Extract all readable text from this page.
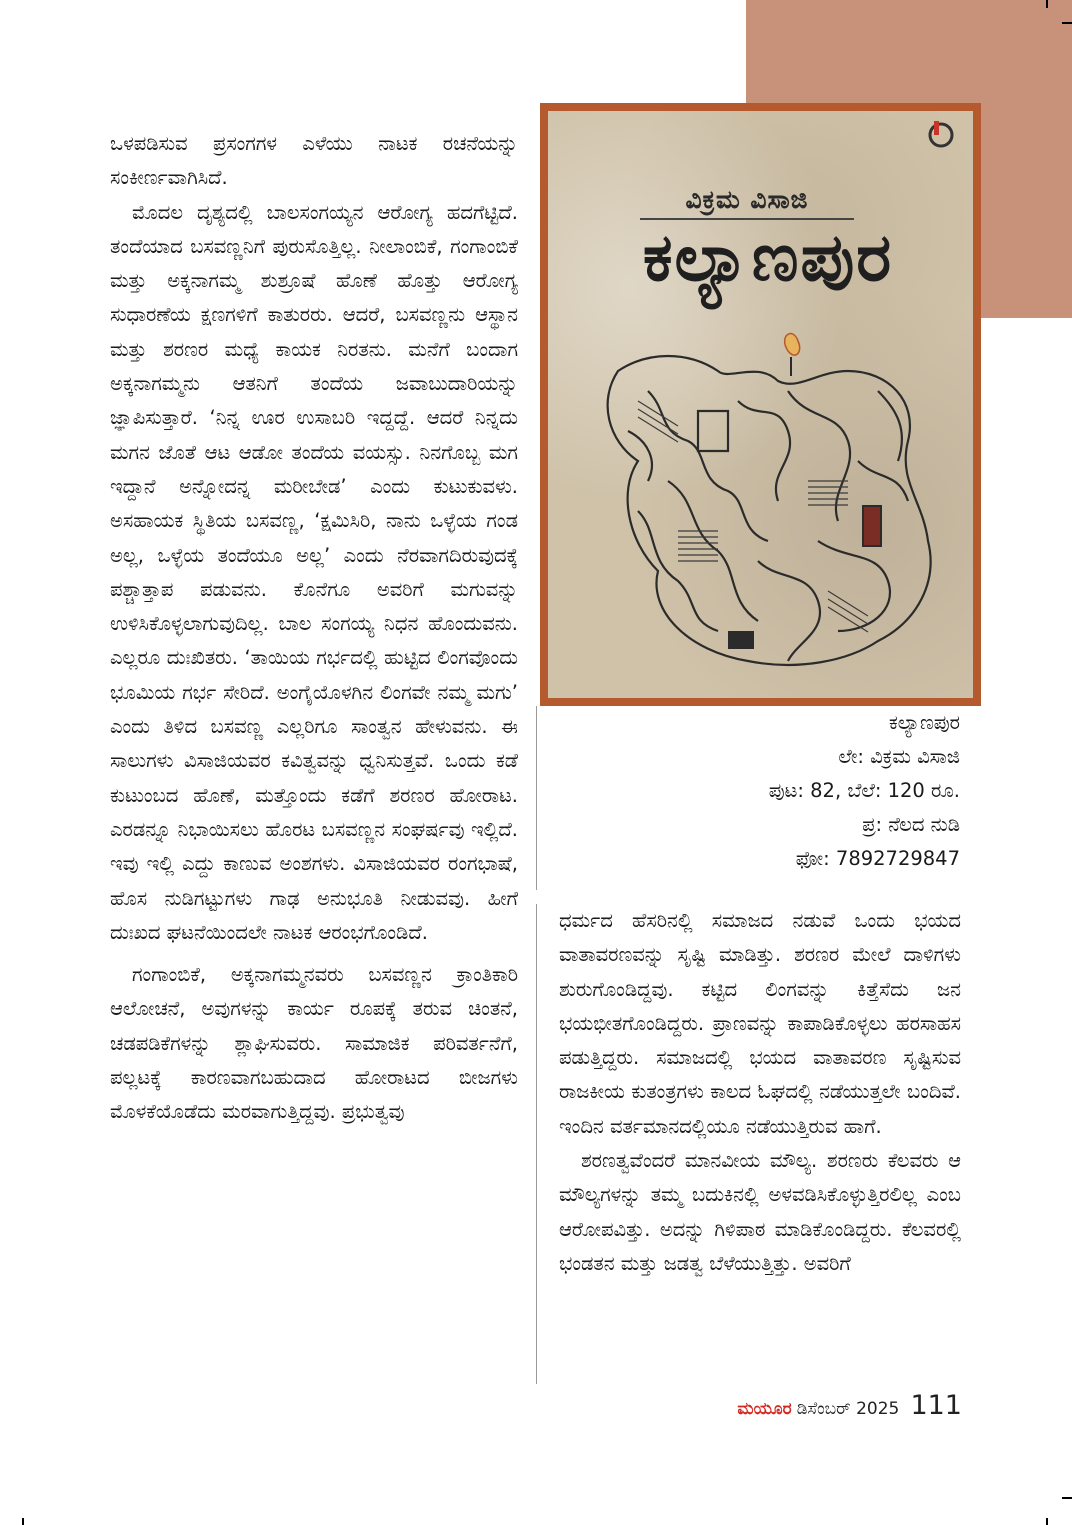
ಒಳಪಡಿಸುವ ಪ್ರಸಂಗಗಳ ಎಳೆಯು ನಾಟಕ ರಚನೆಯನ್ನು ಸಂಕೀರ್ಣವಾಗಿಸಿದೆ.

ಮೊದಲ ದೃಶ್ಯದಲ್ಲಿ ಬಾಲಸಂಗಯ್ಯನ ಆರೋಗ್ಯ ಹದಗೆಟ್ಟಿದೆ. ತಂದೆಯಾದ ಬಸವಣ್ಣನಿಗೆ ಪುರುಸೊತ್ತಿಲ್ಲ. ನೀಲಾಂಬಿಕೆ, ಗಂಗಾಂಬಿಕೆ ಮತ್ತು ಅಕ್ಕನಾಗಮ್ಮ ಶುಶ್ರೂಷೆ ಹೊಣೆ ಹೊತ್ತು ಆರೋಗ್ಯ ಸುಧಾರಣೆಯ ಕ್ಷಣಗಳಿಗೆ ಕಾತುರರು. ಆದರೆ, ಬಸವಣ್ಣನು ಆಸ್ಥಾನ ಮತ್ತು ಶರಣರ ಮಧ್ಯೆ ಕಾಯಕ ನಿರತನು. ಮನೆಗೆ ಬಂದಾಗ ಅಕ್ಕನಾಗಮ್ಮನು ಆತನಿಗೆ ತಂದೆಯ ಜವಾಬುದಾರಿಯನ್ನು ಜ್ಞಾಪಿಸುತ್ತಾರೆ. ‘ನಿನ್ನ ಊರ ಉಸಾಬರಿ ಇದ್ದದ್ದೆ. ಆದರೆ ನಿನ್ನದು ಮಗನ ಜೊತೆ ಆಟ ಆಡೋ ತಂದೆಯ ವಯಸ್ಸು. ನಿನಗೊಬ್ಬ ಮಗ ಇದ್ದಾನೆ ಅನ್ನೋದನ್ನ ಮರೀಬೇಡ’ ಎಂದು ಕುಟುಕುವಳು. ಅಸಹಾಯಕ ಸ್ಥಿತಿಯ ಬಸವಣ್ಣ, ‘ಕ್ಷಮಿಸಿರಿ, ನಾನು ಒಳ್ಳೆಯ ಗಂಡ ಅಲ್ಲ, ಒಳ್ಳೆಯ ತಂದೆಯೂ ಅಲ್ಲ’ ಎಂದು ನೆರವಾಗದಿರುವುದಕ್ಕೆ ಪಶ್ಚಾತ್ತಾಪ ಪಡುವನು. ಕೊನೆಗೂ ಅವರಿಗೆ ಮಗುವನ್ನು ಉಳಿಸಿಕೊಳ್ಳಲಾಗುವುದಿಲ್ಲ. ಬಾಲ ಸಂಗಯ್ಯ ನಿಧನ ಹೊಂದುವನು. ಎಲ್ಲರೂ ದುಃಖಿತರು. ‘ತಾಯಿಯ ಗರ್ಭದಲ್ಲಿ ಹುಟ್ಟಿದ ಲಿಂಗವೊಂದು ಭೂಮಿಯ ಗರ್ಭ ಸೇರಿದೆ. ಅಂಗೈಯೊಳಗಿನ ಲಿಂಗವೇ ನಮ್ಮ ಮಗು’ ಎಂದು ತಿಳಿದ ಬಸವಣ್ಣ ಎಲ್ಲರಿಗೂ ಸಾಂತ್ವನ ಹೇಳುವನು. ಈ ಸಾಲುಗಳು ವಿಸಾಜಿಯವರ ಕವಿತ್ವವನ್ನು ಧ್ವನಿಸುತ್ತವೆ. ಒಂದು ಕಡೆ ಕುಟುಂಬದ ಹೊಣೆ, ಮತ್ತೊಂದು ಕಡೆಗೆ ಶರಣರ ಹೋರಾಟ. ಎರಡನ್ನೂ ನಿಭಾಯಿಸಲು ಹೊರಟ ಬಸವಣ್ಣನ ಸಂಘರ್ಷವು ಇಲ್ಲಿದೆ. ಇವು ಇಲ್ಲಿ ಎದ್ದು ಕಾಣುವ ಅಂಶಗಳು. ವಿಸಾಜಿಯವರ ರಂಗಭಾಷೆ, ಹೊಸ ನುಡಿಗಟ್ಟುಗಳು ಗಾಢ ಅನುಭೂತಿ ನೀಡುವವು. ಹೀಗೆ ದುಃಖದ ಘಟನೆಯಿಂದಲೇ ನಾಟಕ ಆರಂಭಗೊಂಡಿದೆ.

ಗಂಗಾಂಬಿಕೆ, ಅಕ್ಕನಾಗಮ್ಮನವರು ಬಸವಣ್ಣನ ಕ್ರಾಂತಿಕಾರಿ ಆಲೋಚನೆ, ಅವುಗಳನ್ನು ಕಾರ್ಯ ರೂಪಕ್ಕೆ ತರುವ ಚಿಂತನೆ, ಚಡಪಡಿಕೆಗಳನ್ನು ಶ್ಲಾಘಿಸುವರು. ಸಾಮಾಜಿಕ ಪರಿವರ್ತನೆಗೆ, ಪಲ್ಲಟಕ್ಕೆ ಕಾರಣವಾಗಬಹುದಾದ ಹೋರಾಟದ ಬೀಜಗಳು ಮೊಳಕೆಯೊಡೆದು ಮರವಾಗುತ್ತಿದ್ದವು. ಪ್ರಭುತ್ವವು

ವಿಕ್ರಮ ವಿಸಾಜಿ
ಕಲ್ಯಾಣಪುರ
ಕಲ್ಯಾಣಪುರ
ಲೇ: ವಿಕ್ರಮ ವಿಸಾಜಿ
ಪುಟ: 82, ಬೆಲೆ: 120 ರೂ.
ಪ್ರ: ನೆಲದ ನುಡಿ
ಫೋ: 7892729847

ಧರ್ಮದ ಹೆಸರಿನಲ್ಲಿ ಸಮಾಜದ ನಡುವೆ ಒಂದು ಭಯದ ವಾತಾವರಣವನ್ನು ಸೃಷ್ಟಿ ಮಾಡಿತ್ತು. ಶರಣರ ಮೇಲೆ ದಾಳಿಗಳು ಶುರುಗೊಂಡಿದ್ದವು. ಕಟ್ಟಿದ ಲಿಂಗವನ್ನು ಕಿತ್ತೆಸೆದು ಜನ ಭಯಭೀತಗೊಂಡಿದ್ದರು. ಪ್ರಾಣವನ್ನು ಕಾಪಾಡಿಕೊಳ್ಳಲು ಹರಸಾಹಸ ಪಡುತ್ತಿದ್ದರು. ಸಮಾಜದಲ್ಲಿ ಭಯದ ವಾತಾವರಣ ಸೃಷ್ಟಿಸುವ ರಾಜಕೀಯ ಕುತಂತ್ರಗಳು ಕಾಲದ ಓಘದಲ್ಲಿ ನಡೆಯುತ್ತಲೇ ಬಂದಿವೆ. ಇಂದಿನ ವರ್ತಮಾನದಲ್ಲಿಯೂ ನಡೆಯುತ್ತಿರುವ ಹಾಗೆ.

ಶರಣತ್ವವೆಂದರೆ ಮಾನವೀಯ ಮೌಲ್ಯ. ಶರಣರು ಕೆಲವರು ಆ ಮೌಲ್ಯಗಳನ್ನು ತಮ್ಮ ಬದುಕಿನಲ್ಲಿ ಅಳವಡಿಸಿಕೊಳ್ಳುತ್ತಿರಲಿಲ್ಲ ಎಂಬ ಆರೋಪವಿತ್ತು. ಅದನ್ನು ಗಿಳಿಪಾಠ ಮಾಡಿಕೊಂಡಿದ್ದರು. ಕೆಲವರಲ್ಲಿ ಭಂಡತನ ಮತ್ತು ಜಡತ್ವ ಬೆಳೆಯುತ್ತಿತ್ತು. ಅವರಿಗೆ

ಮಯೂರ ಡಿಸೆಂಬರ್ 2025 111
